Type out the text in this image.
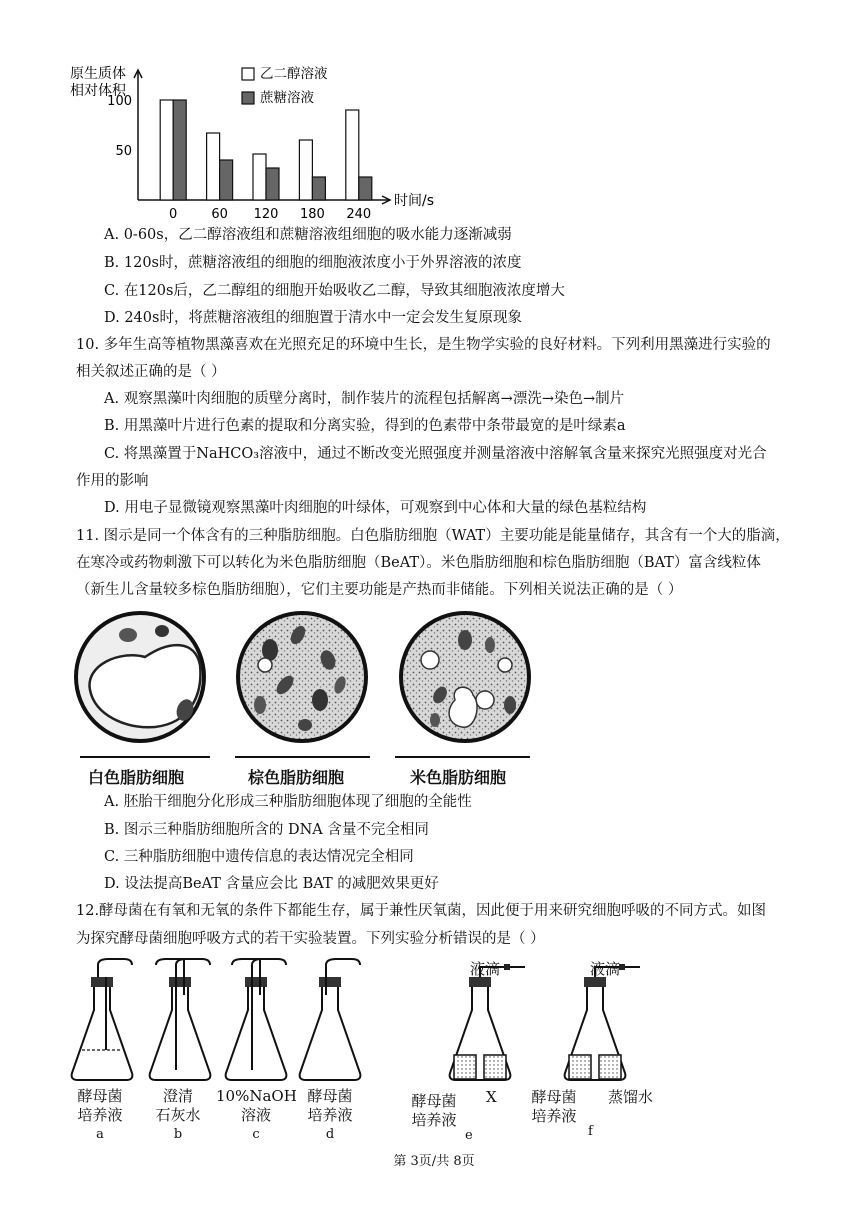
原生质体
相对体积
时间/s
50
100
0	60 120 180 240
乙二醇溶液
蔗糖溶液
A. 0-60s，乙二醇溶液组和蔗糖溶液组细胞的吸水能力逐渐减弱
B. 120s时，蔗糖溶液组的细胞的细胞液浓度小于外界溶液的浓度
C. 在120s后，乙二醇组的细胞开始吸收乙二醇，导致其细胞液浓度增大
D. 240s时，将蔗糖溶液组的细胞置于清水中一定会发生复原现象
10. 多年生高等植物黑藻喜欢在光照充足的环境中生长，是生物学实验的良好材料。下列利用黑藻进行实验的
相关叙述正确的是（ ）
A. 观察黑藻叶肉细胞的质壁分离时，制作装片的流程包括解离→漂洗→染色→制片
B. 用黑藻叶片进行色素的提取和分离实验，得到的色素带中条带最宽的是叶绿素a
C. 将黑藻置于NaHCO₃溶液中，通过不断改变光照强度并测量溶液中溶解氧含量来探究光照强度对光合
作用的影响
D. 用电子显微镜观察黑藻叶肉细胞的叶绿体，可观察到中心体和大量的绿色基粒结构
11. 图示是同一个体含有的三种脂肪细胞。白色脂肪细胞（WAT）主要功能是能量储存，其含有一个大的脂滴，
在寒冷或药物刺激下可以转化为米色脂肪细胞（BeAT）。米色脂肪细胞和棕色脂肪细胞（BAT）富含线粒体
（新生儿含量较多棕色脂肪细胞），它们主要功能是产热而非储能。下列相关说法正确的是（ ）
白色脂肪细胞	棕色脂肪细胞	米色脂肪细胞
A. 胚胎干细胞分化形成三种脂肪细胞体现了细胞的全能性
B. 图示三种脂肪细胞所含的 DNA 含量不完全相同
C. 三种脂肪细胞中遗传信息的表达情况完全相同
D. 设法提高BeAT 含量应会比 BAT 的减肥效果更好
12.酵母菌在有氧和无氧的条件下都能生存，属于兼性厌氧菌，因此便于用来研究细胞呼吸的不同方式。如图
为探究酵母菌细胞呼吸方式的若干实验装置。下列实验分析错误的是（ ）
酵母菌
培养液
a
澄清
石灰水
b
10%NaOH
溶液
c
酵母菌
培养液
d
液滴
酵母菌
培养液
X
e
液滴
酵母菌
培养液
蒸馏水
f
第 3页/共 8页
